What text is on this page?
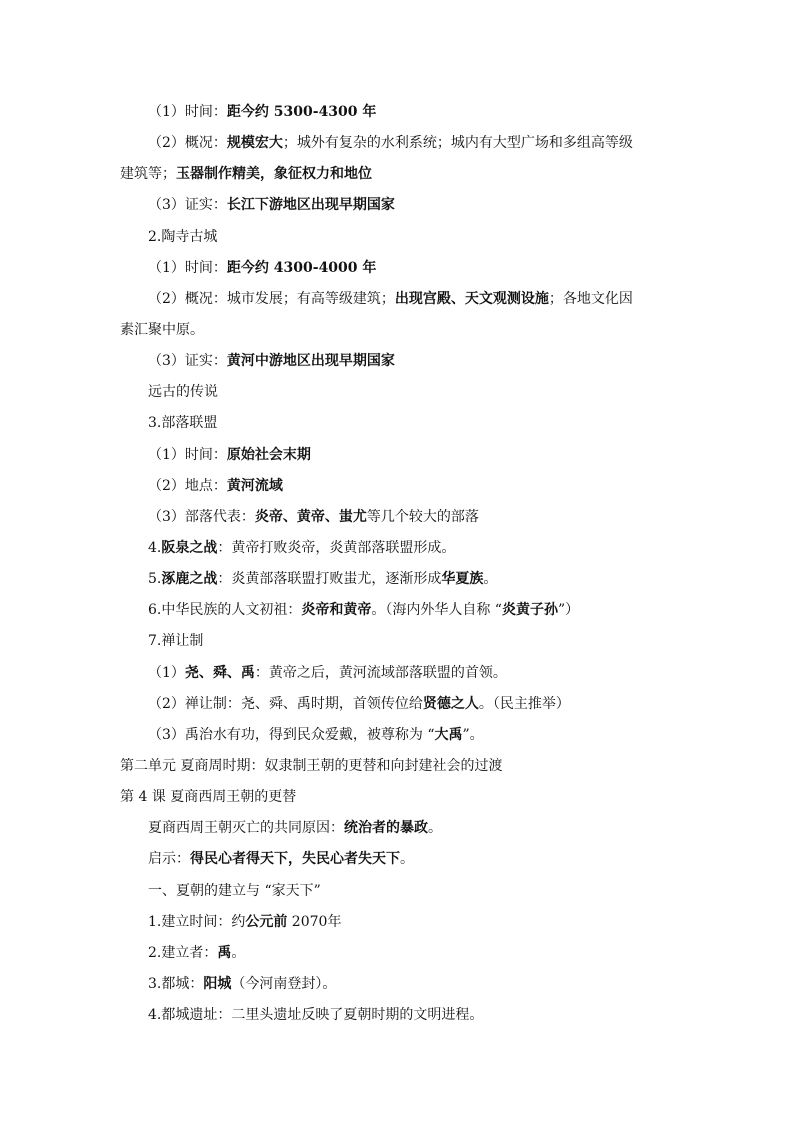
（1）时间：距今约 5300-4300 年
（2）概况：规模宏大；城外有复杂的水利系统；城内有大型广场和多组高等级
建筑等；玉器制作精美，象征权力和地位
（3）证实：长江下游地区出现早期国家
2.陶寺古城
（1）时间：距今约 4300-4000 年
（2）概况：城市发展；有高等级建筑；出现宫殿、天文观测设施；各地文化因
素汇聚中原。
（3）证实：黄河中游地区出现早期国家
远古的传说
3.部落联盟
（1）时间：原始社会末期
（2）地点：黄河流域
（3）部落代表：炎帝、黄帝、蚩尤等几个较大的部落
4.阪泉之战：黄帝打败炎帝，炎黄部落联盟形成。
5.涿鹿之战：炎黄部落联盟打败蚩尤，逐渐形成华夏族。
6.中华民族的人文初祖：炎帝和黄帝。（海内外华人自称 “炎黄子孙”）
7.禅让制
（1）尧、舜、禹：黄帝之后，黄河流域部落联盟的首领。
（2）禅让制：尧、舜、禹时期，首领传位给贤德之人。（民主推举）
（3）禹治水有功，得到民众爱戴，被尊称为 “大禹”。
第二单元 夏商周时期：奴隶制王朝的更替和向封建社会的过渡
第 4 课 夏商西周王朝的更替
夏商西周王朝灭亡的共同原因：统治者的暴政。
启示：得民心者得天下，失民心者失天下。
一、夏朝的建立与 “家天下”
1.建立时间：约公元前 2070年
2.建立者：禹。
3.都城：阳城（今河南登封）。
4.都城遗址：二里头遗址反映了夏朝时期的文明进程。
